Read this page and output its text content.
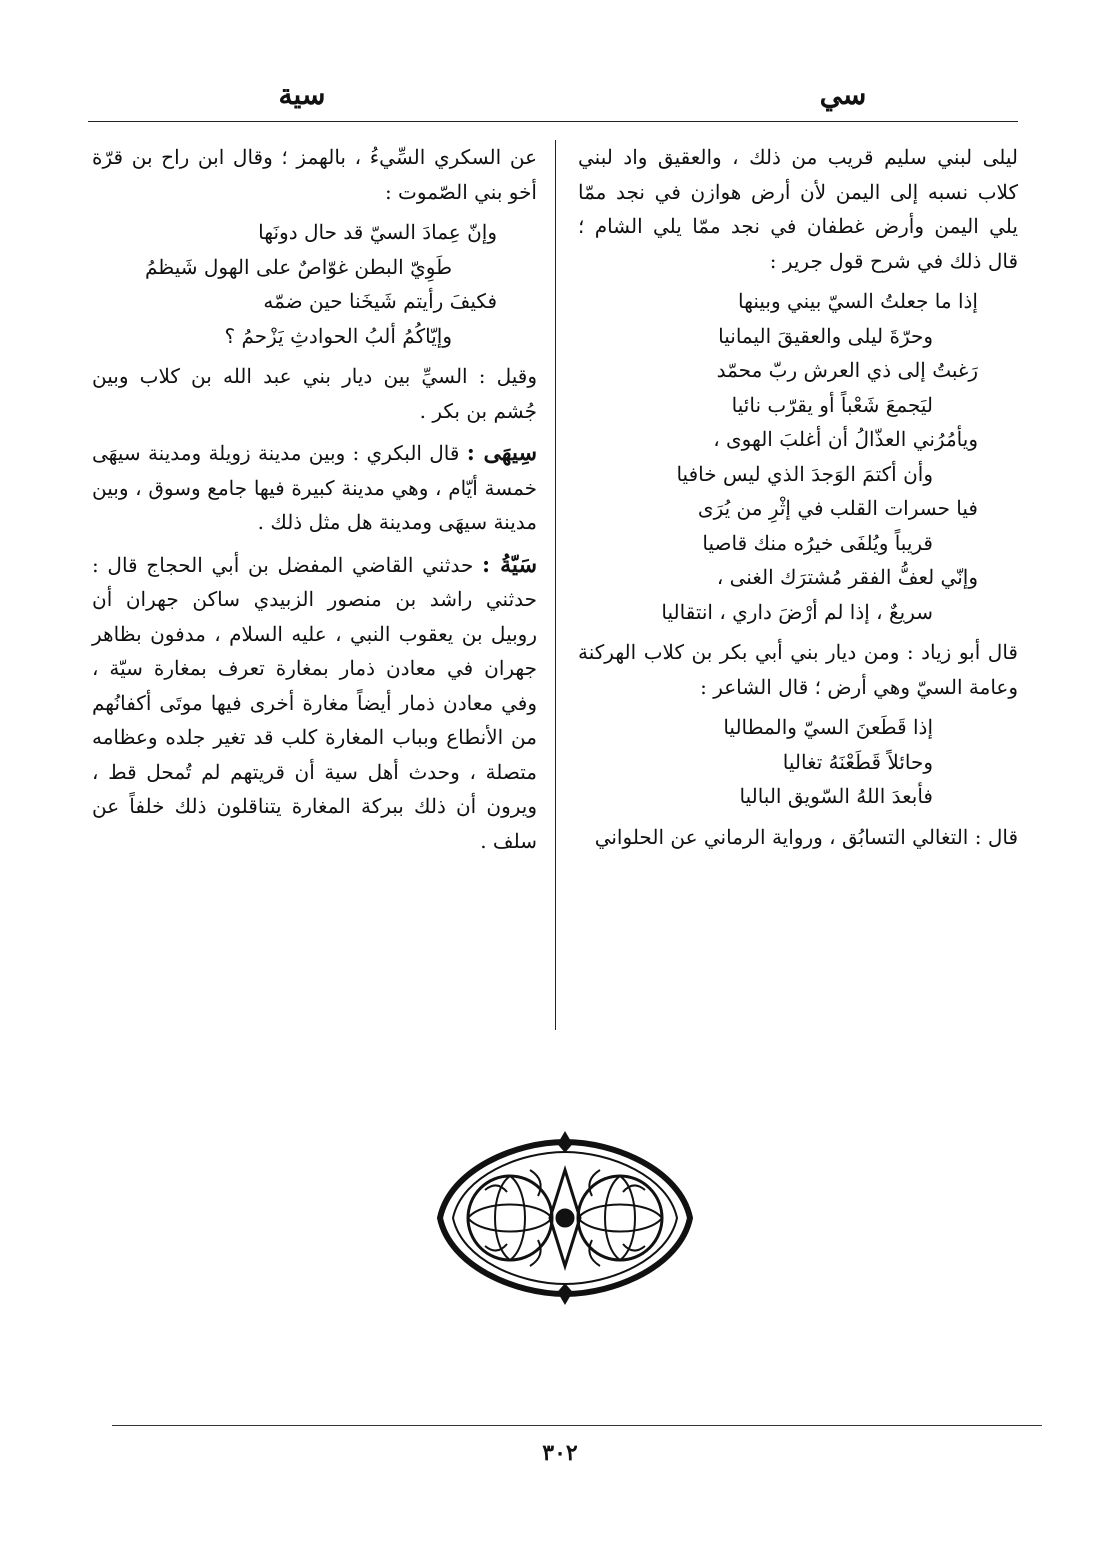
سي
سية

ليلى لبني سليم قريب من ذلك ، والعقيق واد لبني كلاب نسبه إلى اليمن لأن أرض هوازن في نجد ممّا يلي اليمن وأرض غطفان في نجد ممّا يلي الشام ؛ قال ذلك في شرح قول جرير :

إذا ما جعلتُ السيّ بيني وبينها
وحرّةَ ليلى والعقيقَ اليمانيا
رَغبتُ إلى ذي العرش ربّ محمّد
ليَجمعَ شَعْباً أو يقرّب نائيا
ويأمُرُني العذّالُ أن أغلبَ الهوى ،
وأن أكتمَ الوَجدَ الذي ليس خافيا
فيا حسرات القلب في إثْرِ من يُرَى
قريباً ويُلفَى خيرُه منك قاصيا
وإنّي لعفُّ الفقر مُشترَك الغنى ،
سريعٌ ، إذا لم أرْضَ داري ، انتقاليا

قال أبو زياد : ومن ديار بني أبي بكر بن كلاب الهركنة وعامة السيّ وهي أرض ؛ قال الشاعر :

إذا قَطَعنَ السيّ والمطاليا
وحائلاً قَطَعْنَهُ تغاليا
فأبعدَ اللهُ السّويق الباليا

قال : التغالي التسابُق ، ورواية الرماني عن الحلواني

عن السكري السِّيءُ ، بالهمز ؛ وقال ابن راح بن قرّة أخو بني الصّموت :

وإنّ عِمادَ السيّ قد حال دونَها
طَوِيّ البطن غوّاصٌ على الهول شَيظمُ
فكيفَ رأيتم شَيخَنا حين ضمّه
وإيّاكُمُ ألبُ الحوادثِ يَزْحمُ ؟

وقيل : السيِّ بين ديار بني عبد الله بن كلاب وبين جُشم بن بكر .

سِيهَى : قال البكري : وبين مدينة زويلة ومدينة سيهَى خمسة أيّام ، وهي مدينة كبيرة فيها جامع وسوق ، وبين مدينة سيهَى ومدينة هل مثل ذلك .

سَيّةُ : حدثني القاضي المفضل بن أبي الحجاج قال : حدثني راشد بن منصور الزبيدي ساكن جهران أن روبيل بن يعقوب النبي ، عليه السلام ، مدفون بظاهر جهران في معادن ذمار بمغارة تعرف بمغارة سيّة ، وفي معادن ذمار أيضاً مغارة أخرى فيها موتَى أكفانُهم من الأنطاع وبباب المغارة كلب قد تغير جلده وعظامه متصلة ، وحدث أهل سية أن قريتهم لم تُمحل قط ، ويرون أن ذلك ببركة المغارة يتناقلون ذلك خلفاً عن سلف .

٣٠٢
